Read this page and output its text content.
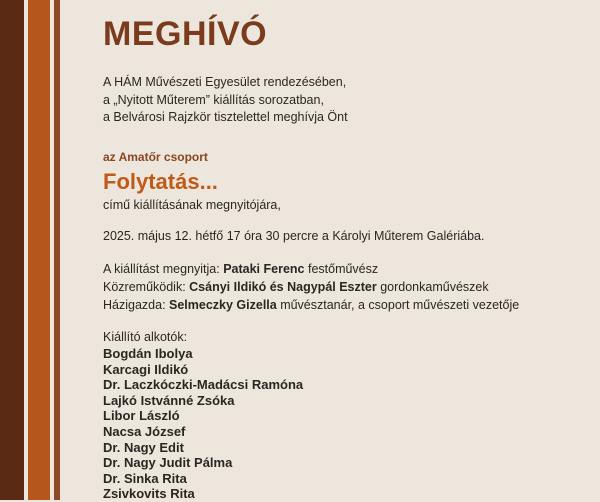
MEGHÍVÓ
A HÁM Művészeti Egyesület rendezésében,
a „Nyitott Műterem” kiállítás sorozatban,
a Belvárosi Rajzkör tisztelettel meghívja Önt
az Amatőr csoport
Folytatás...
című kiállításának megnyitójára,
2025. május 12. hétfő 17 óra 30 percre a Károlyi Műterem Galériába.
A kiállítást megnyitja: Pataki Ferenc festőművész
Közreműködik: Csányi Ildikó és Nagypál Eszter gordonkaművészek
Házigazda: Selmeczky Gizella művésztanár, a csoport művészeti vezetője
Kiállító alkotók:
Bogdán Ibolya
Karcagi Ildikó
Dr. Laczkóczki-Madácsi Ramóna
Lajkó Istvánné Zsóka
Libor László
Nacsa József
Dr. Nagy Edit
Dr. Nagy Judit Pálma
Dr. Sinka Rita
Zsivkovits Rita
